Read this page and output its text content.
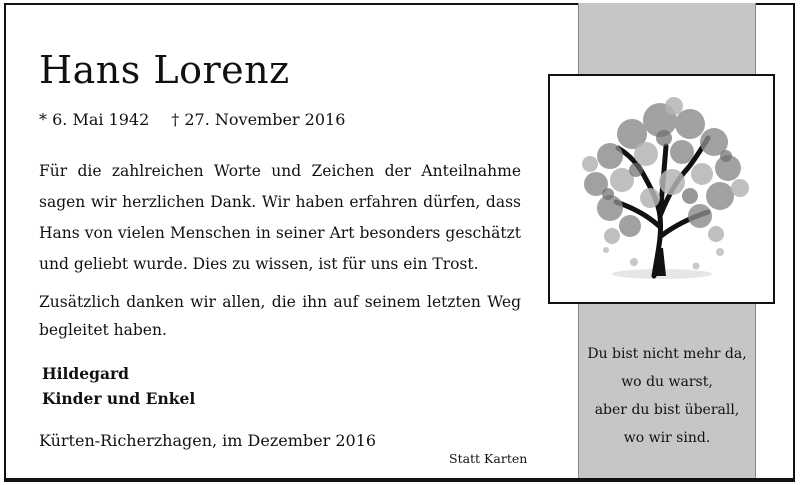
Hans Lorenz
* 6. Mai 1942 † 27. November 2016
Für die zahlreichen Worte und Zeichen der Anteilnahme sagen wir herzlichen Dank. Wir haben erfahren dürfen, dass Hans von vielen Menschen in seiner Art besonders geschätzt und geliebt wurde. Dies zu wissen, ist für uns ein Trost.
Zusätzlich danken wir allen, die ihn auf seinem letzten Weg begleitet haben.
Hildegard
Kinder und Enkel
Kürten-Richerzhagen, im Dezember 2016
Statt Karten
Du bist nicht mehr da,
wo du warst,
aber du bist überall,
wo wir sind.
